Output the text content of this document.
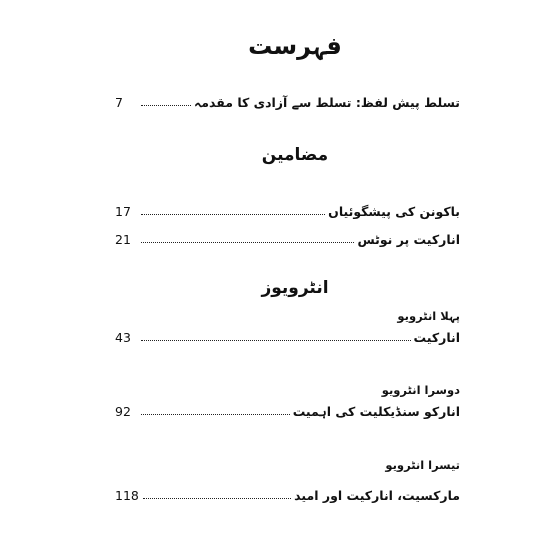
فہرست
تسلط پیش لفظ: تسلط سے آزادی کا مقدمہ
7
مضامین
باکونن کی پیشگوئیاں
17
انارکیت پر نوٹس
21
انٹرویوز
پہلا انٹرویو
انارکیت
43
دوسرا انٹرویو
انارکو سنڈیکلیت کی اہمیت
92
تیسرا انٹرویو
مارکسیت، انارکیت اور امید
118
